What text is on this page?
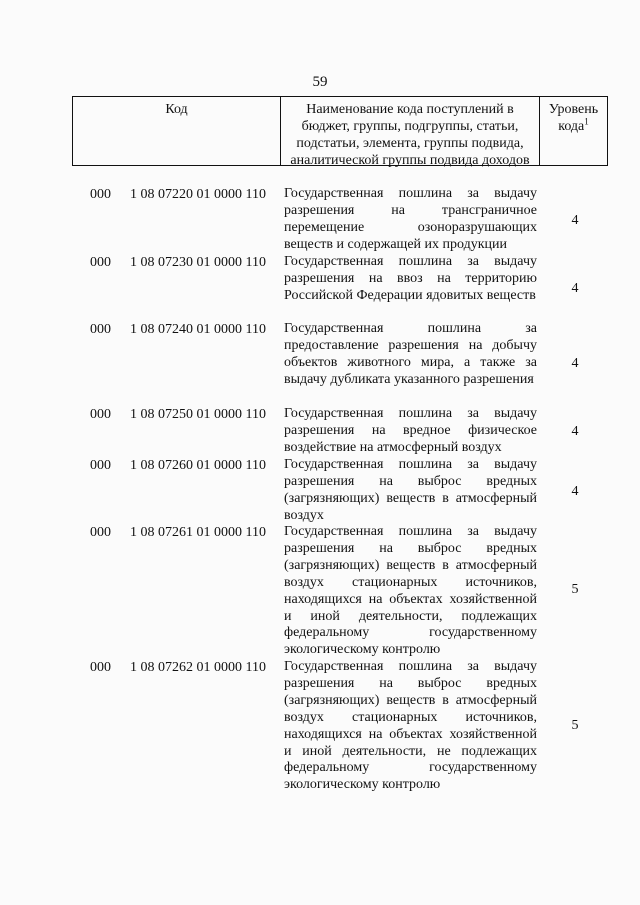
59
Код	Наименование кода поступлений в бюджет, группы, подгруппы, статьи, подстатьи, элемента, группы подвида, аналитической группы подвида доходов
Уровень кода$^1$
000 1 08 07220 01 0000 110 Государственная пошлина за выдачу разрешения на трансграничное перемещение озоноразрушающих веществ и содержащей их продукции
4
000 1 08 07230 01 0000 110 Государственная пошлина за выдачу разрешения на ввоз на территорию Российской Федерации ядовитых веществ	4
000 1 08 07240 01 0000 110 Государственная пошлина за предоставление разрешения на добычу объектов животного мира, а также за выдачу дубликата указанного разрешения
4
000 1 08 07250 01 0000 110 Государственная пошлина за выдачу разрешения на вредное физическое воздействие на атмосферный воздух
4
000 1 08 07260 01 0000 110 Государственная пошлина за выдачу разрешения на выброс вредных (загрязняющих) веществ в атмосферный воздух
4
000 1 08 07261 01 0000 110 Государственная пошлина за выдачу разрешения на выброс вредных (загрязняющих) веществ в атмосферный воздух стационарных источников, находящихся на объектах хозяйственной и иной деятельности, подлежащих федеральному государственному экологическому контролю
5
000 1 08 07262 01 0000 110 Государственная пошлина за выдачу разрешения на выброс вредных (загрязняющих) веществ в атмосферный воздух стационарных источников, находящихся на объектах хозяйственной и иной деятельности, не подлежащих федеральному государственному экологическому контролю
5
